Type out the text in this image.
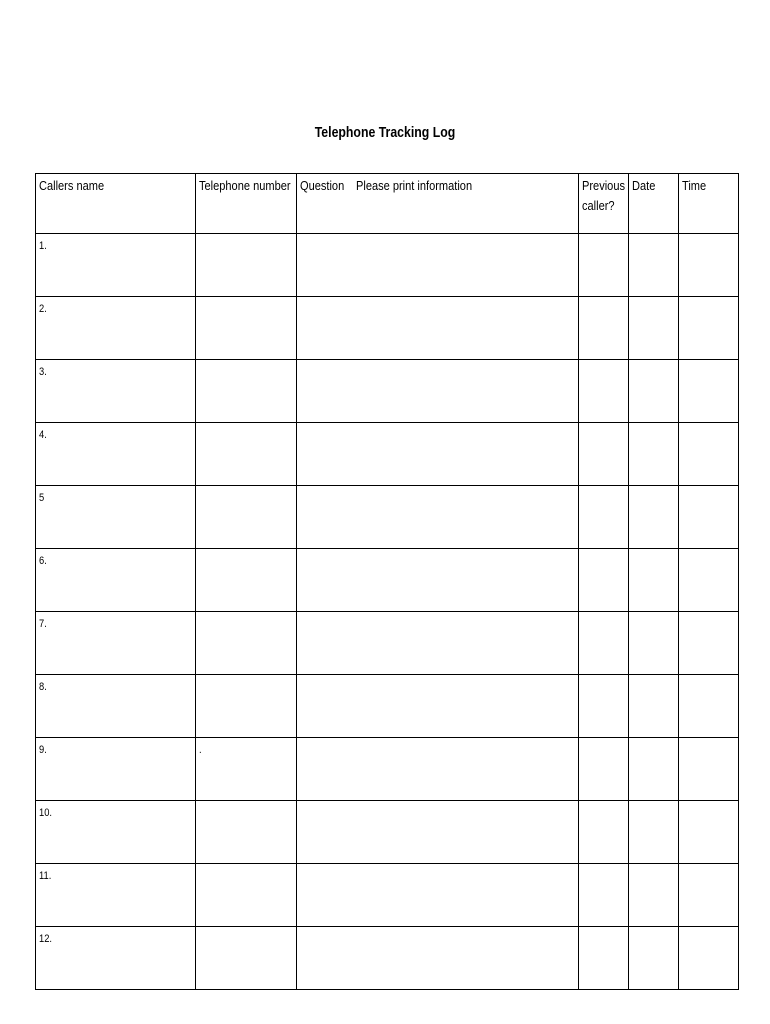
Telephone Tracking Log
Callers name	Telephone number	Question Please print information	Previous caller?	Date	Time
1.					
2.					
3.					
4.					
5					
6.					
7.					
8.					
9.	.				
10.					
11.					
12.					
